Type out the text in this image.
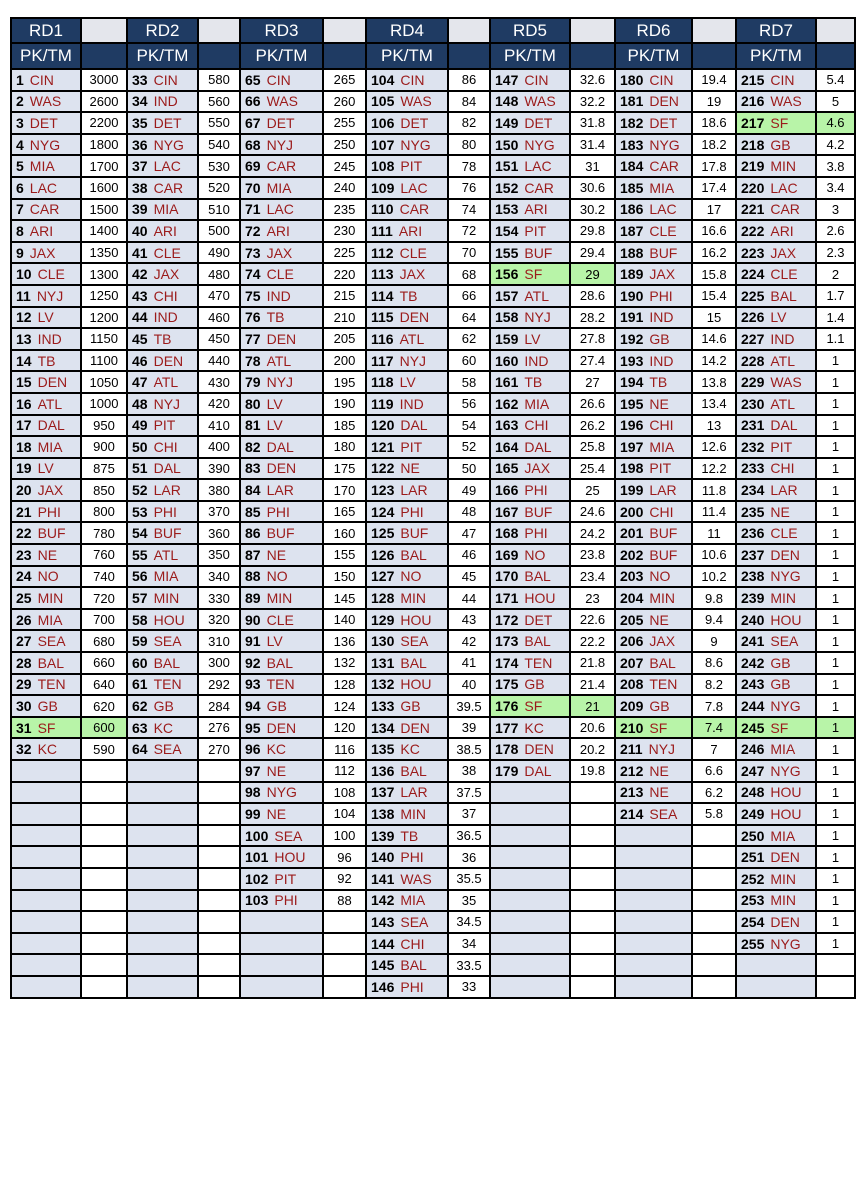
RD1		RD2		RD3		RD4		RD5		RD6		RD7	
PK/TM		PK/TM		PK/TM		PK/TM		PK/TM		PK/TM		PK/TM	
1 CIN	3000	33 CIN	580	65 CIN	265	104 CIN	86	147 CIN	32.6	180 CIN	19.4	215 CIN	5.4
2 WAS	2600	34 IND	560	66 WAS	260	105 WAS	84	148 WAS	32.2	181 DEN	19	216 WAS	5
3 DET	2200	35 DET	550	67 DET	255	106 DET	82	149 DET	31.8	182 DET	18.6	217 SF	4.6
4 NYG	1800	36 NYG	540	68 NYJ	250	107 NYG	80	150 NYG	31.4	183 NYG	18.2	218 GB	4.2
5 MIA	1700	37 LAC	530	69 CAR	245	108 PIT	78	151 LAC	31	184 CAR	17.8	219 MIN	3.8
6 LAC	1600	38 CAR	520	70 MIA	240	109 LAC	76	152 CAR	30.6	185 MIA	17.4	220 LAC	3.4
7 CAR	1500	39 MIA	510	71 LAC	235	110 CAR	74	153 ARI	30.2	186 LAC	17	221 CAR	3
8 ARI	1400	40 ARI	500	72 ARI	230	111 ARI	72	154 PIT	29.8	187 CLE	16.6	222 ARI	2.6
9 JAX	1350	41 CLE	490	73 JAX	225	112 CLE	70	155 BUF	29.4	188 BUF	16.2	223 JAX	2.3
10 CLE	1300	42 JAX	480	74 CLE	220	113 JAX	68	156 SF	29	189 JAX	15.8	224 CLE	2
11 NYJ	1250	43 CHI	470	75 IND	215	114 TB	66	157 ATL	28.6	190 PHI	15.4	225 BAL	1.7
12 LV	1200	44 IND	460	76 TB	210	115 DEN	64	158 NYJ	28.2	191 IND	15	226 LV	1.4
13 IND	1150	45 TB	450	77 DEN	205	116 ATL	62	159 LV	27.8	192 GB	14.6	227 IND	1.1
14 TB	1100	46 DEN	440	78 ATL	200	117 NYJ	60	160 IND	27.4	193 IND	14.2	228 ATL	1
15 DEN	1050	47 ATL	430	79 NYJ	195	118 LV	58	161 TB	27	194 TB	13.8	229 WAS	1
16 ATL	1000	48 NYJ	420	80 LV	190	119 IND	56	162 MIA	26.6	195 NE	13.4	230 ATL	1
17 DAL	950	49 PIT	410	81 LV	185	120 DAL	54	163 CHI	26.2	196 CHI	13	231 DAL	1
18 MIA	900	50 CHI	400	82 DAL	180	121 PIT	52	164 DAL	25.8	197 MIA	12.6	232 PIT	1
19 LV	875	51 DAL	390	83 DEN	175	122 NE	50	165 JAX	25.4	198 PIT	12.2	233 CHI	1
20 JAX	850	52 LAR	380	84 LAR	170	123 LAR	49	166 PHI	25	199 LAR	11.8	234 LAR	1
21 PHI	800	53 PHI	370	85 PHI	165	124 PHI	48	167 BUF	24.6	200 CHI	11.4	235 NE	1
22 BUF	780	54 BUF	360	86 BUF	160	125 BUF	47	168 PHI	24.2	201 BUF	11	236 CLE	1
23 NE	760	55 ATL	350	87 NE	155	126 BAL	46	169 NO	23.8	202 BUF	10.6	237 DEN	1
24 NO	740	56 MIA	340	88 NO	150	127 NO	45	170 BAL	23.4	203 NO	10.2	238 NYG	1
25 MIN	720	57 MIN	330	89 MIN	145	128 MIN	44	171 HOU	23	204 MIN	9.8	239 MIN	1
26 MIA	700	58 HOU	320	90 CLE	140	129 HOU	43	172 DET	22.6	205 NE	9.4	240 HOU	1
27 SEA	680	59 SEA	310	91 LV	136	130 SEA	42	173 BAL	22.2	206 JAX	9	241 SEA	1
28 BAL	660	60 BAL	300	92 BAL	132	131 BAL	41	174 TEN	21.8	207 BAL	8.6	242 GB	1
29 TEN	640	61 TEN	292	93 TEN	128	132 HOU	40	175 GB	21.4	208 TEN	8.2	243 GB	1
30 GB	620	62 GB	284	94 GB	124	133 GB	39.5	176 SF	21	209 GB	7.8	244 NYG	1
31 SF	600	63 KC	276	95 DEN	120	134 DEN	39	177 KC	20.6	210 SF	7.4	245 SF	1
32 KC	590	64 SEA	270	96 KC	116	135 KC	38.5	178 DEN	20.2	211 NYJ	7	246 MIA	1
				97 NE	112	136 BAL	38	179 DAL	19.8	212 NE	6.6	247 NYG	1
				98 NYG	108	137 LAR	37.5			213 NE	6.2	248 HOU	1
				99 NE	104	138 MIN	37			214 SEA	5.8	249 HOU	1
				100 SEA	100	139 TB	36.5					250 MIA	1
				101 HOU	96	140 PHI	36					251 DEN	1
				102 PIT	92	141 WAS	35.5					252 MIN	1
				103 PHI	88	142 MIA	35					253 MIN	1
						143 SEA	34.5					254 DEN	1
						144 CHI	34					255 NYG	1
						145 BAL	33.5						
						146 PHI	33						
